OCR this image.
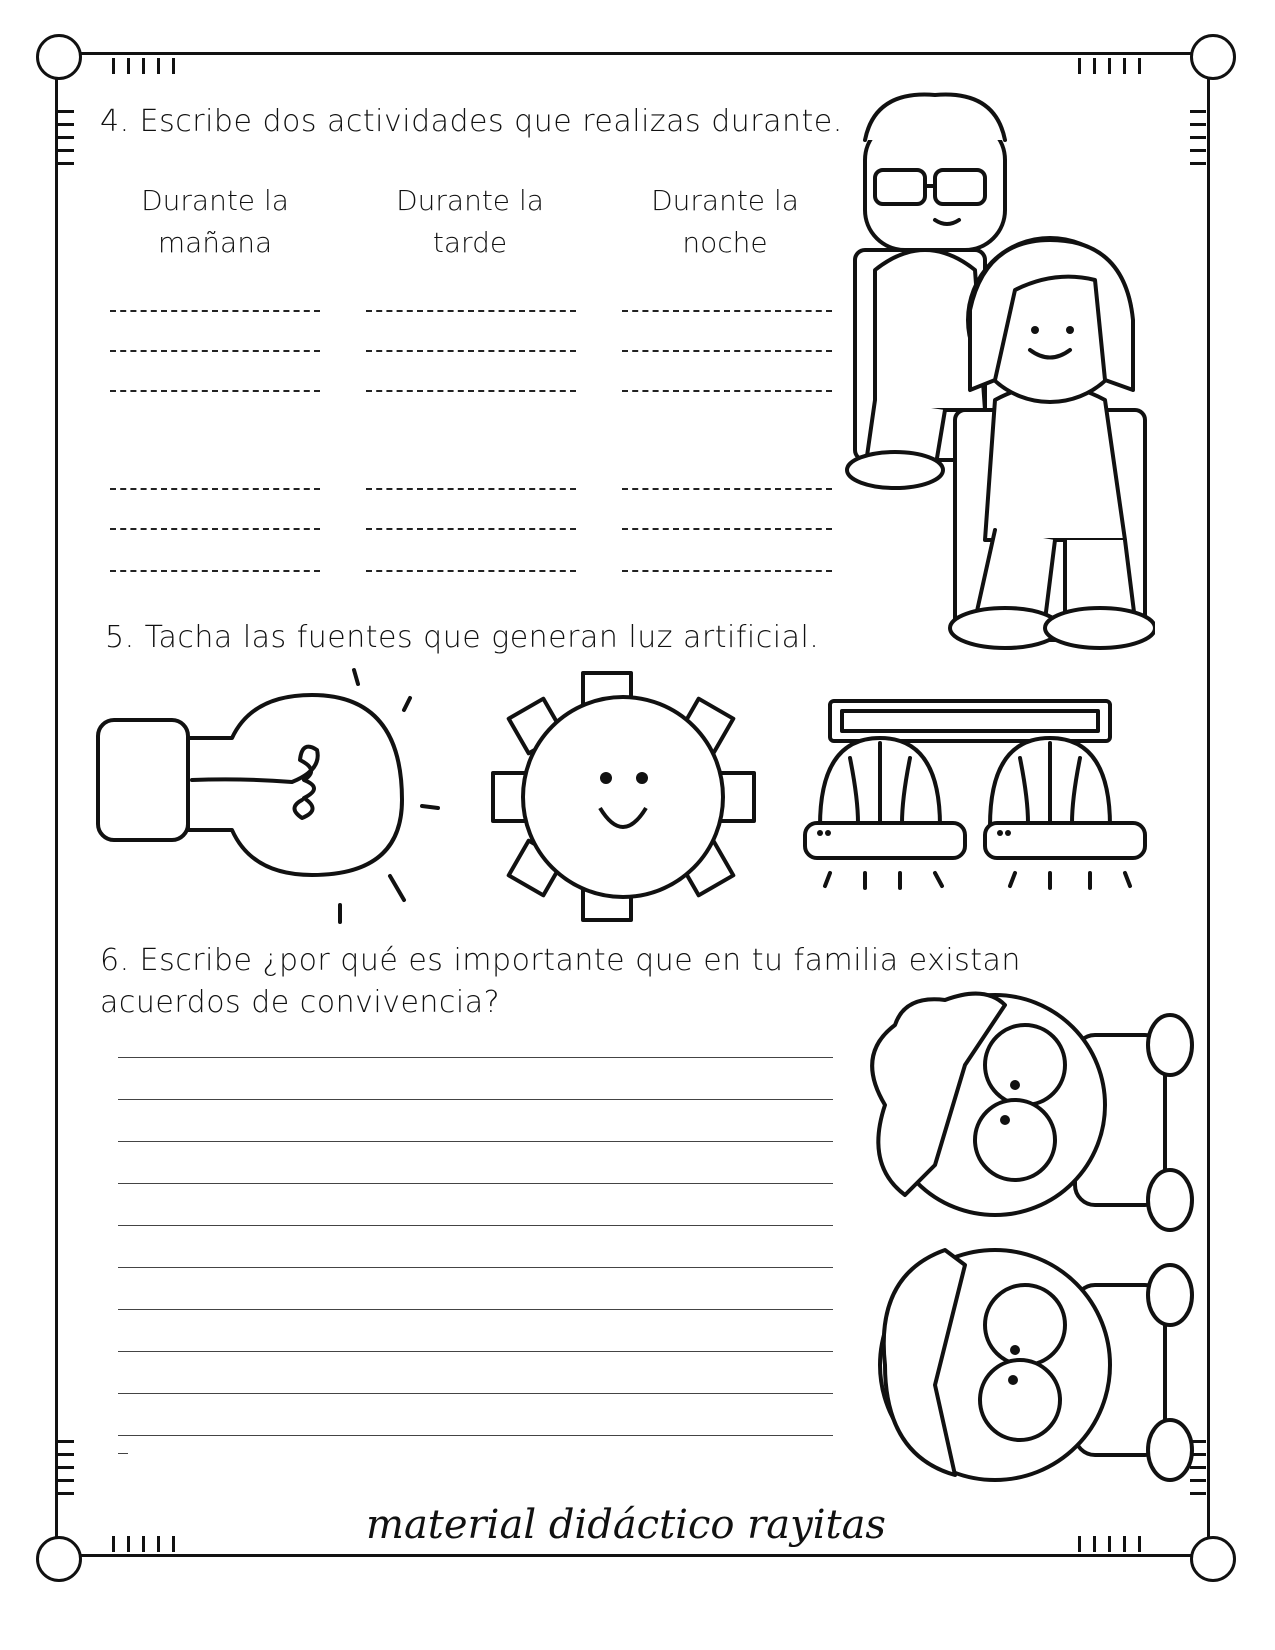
4. Escribe dos actividades que realizas durante.
Durante la
mañana
Durante la
tarde
Durante la
noche
5. Tacha las fuentes que generan luz artificial.
6. Escribe ¿por qué es importante que en tu familia existan
acuerdos de convivencia?
material didáctico rayitas
